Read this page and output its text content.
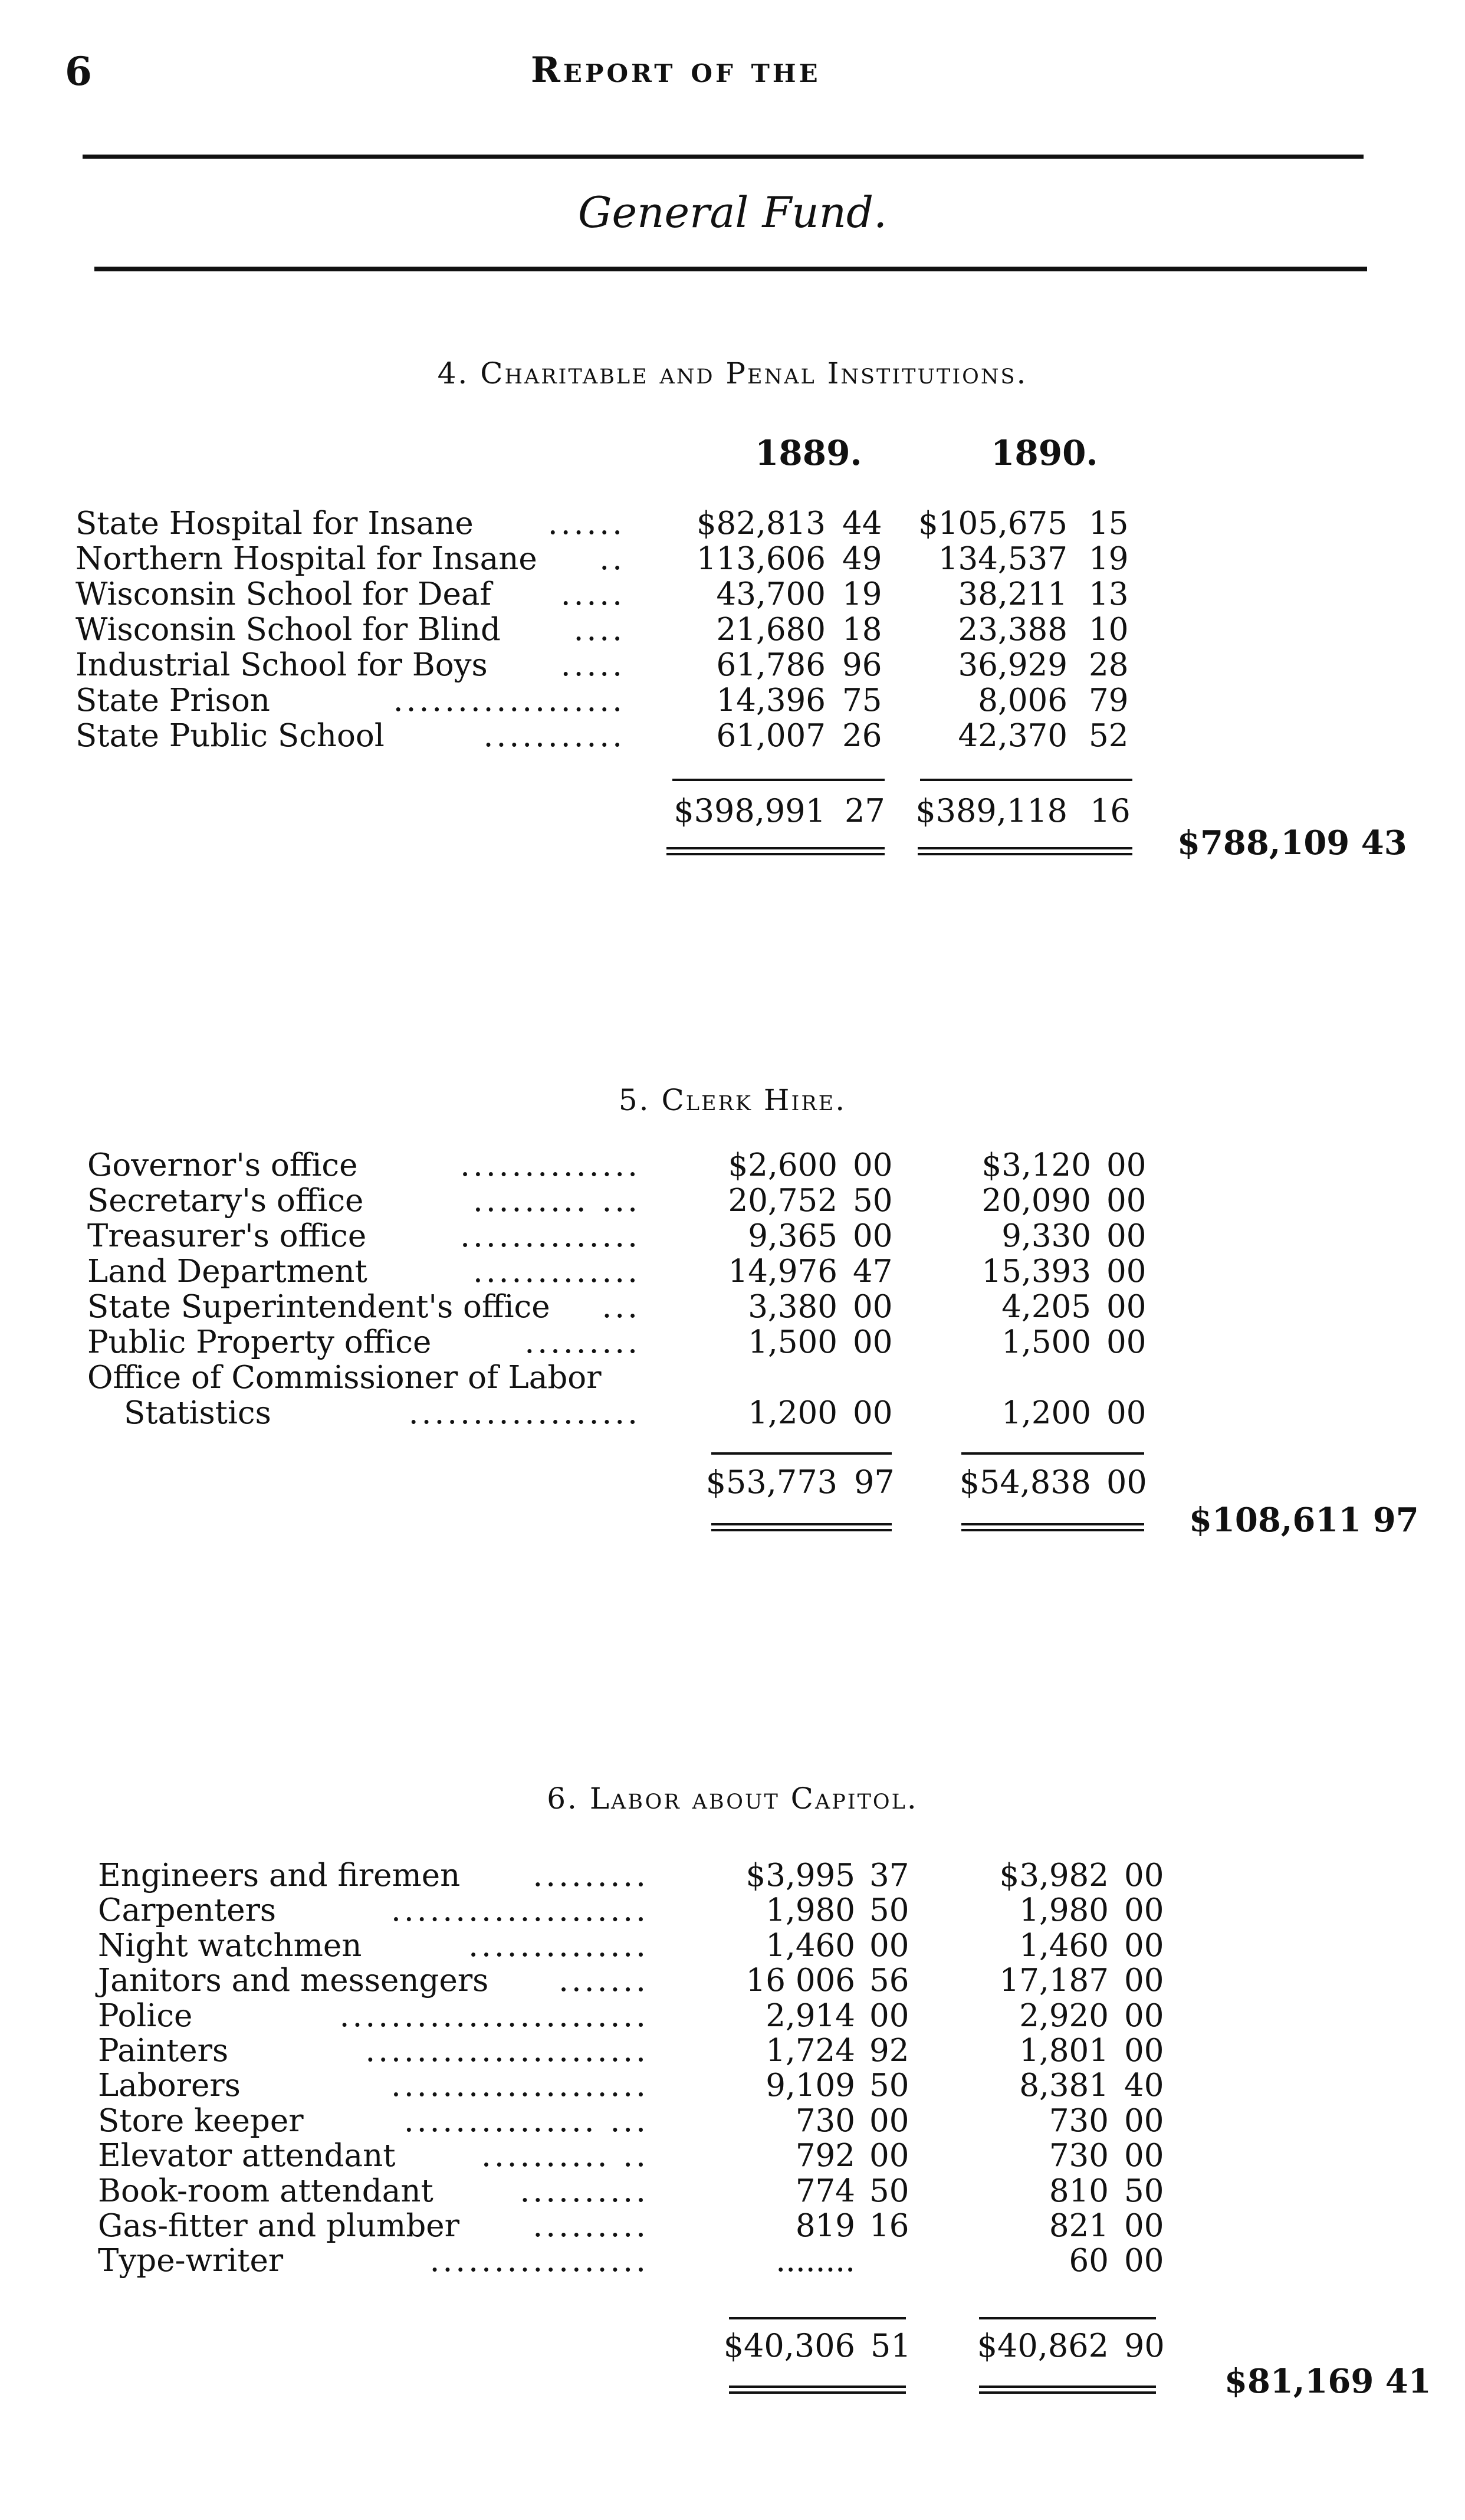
6	Report of the
General Fund.
4. Charitable and Penal Institutions.
1889.	1890.
State Hospital for Insane	......	$82,813 44	$105,675 15
Northern Hospital for Insane	..	113,606 49	134,537 19
Wisconsin School for Deaf	.....	43,700 19	38,211 13
Wisconsin School for Blind	....	21,680 18	23,388 10
Industrial School for Boys	.....	61,786 96	36,929 28
State Prison	..................	14,396 75	8,006 79
State Public School	...........	61,007 26	42,370 52
$398,991 27 $389,118 16
$788,109 43
5. Clerk Hire.
Governor's office	..............	$2,600 00	$3,120 00
Secretary's office	......... ...	20,752 50	20,090 00
Treasurer's office	..............	9,365 00	9,330 00
Land Department	.............	14,976 47	15,393 00
State Superintendent's office	...	3,380 00	4,205 00
Public Property office	.........	1,500 00	1,500 00
Office of Commissioner of Labor
Statistics	..................	1,200 00	1,200 00
$53,773 97	$54,838 00
$108,611 97
6. Labor about Capitol.
Engineers and firemen	.........	$3,995 37	$3,982 00
Carpenters	....................	1,980 50	1,980 00
Night watchmen	..............	1,460 00	1,460 00
Janitors and messengers	.......	16 006 56	17,187 00
Police	........................	2,914 00	2,920 00
Painters	......................	1,724 92	1,801 00
Laborers	....................	9,109 50	8,381 40
Store keeper	............... ...	730 00	730 00
Elevator attendant	.......... ..	792 00	730 00
Book-room attendant	..........	774 50	810 50
Gas-fitter and plumber	.........	819 16	821 00
Type-writer	.................	........	60 00
$40,306 51	$40,862 90
$81,169 41
